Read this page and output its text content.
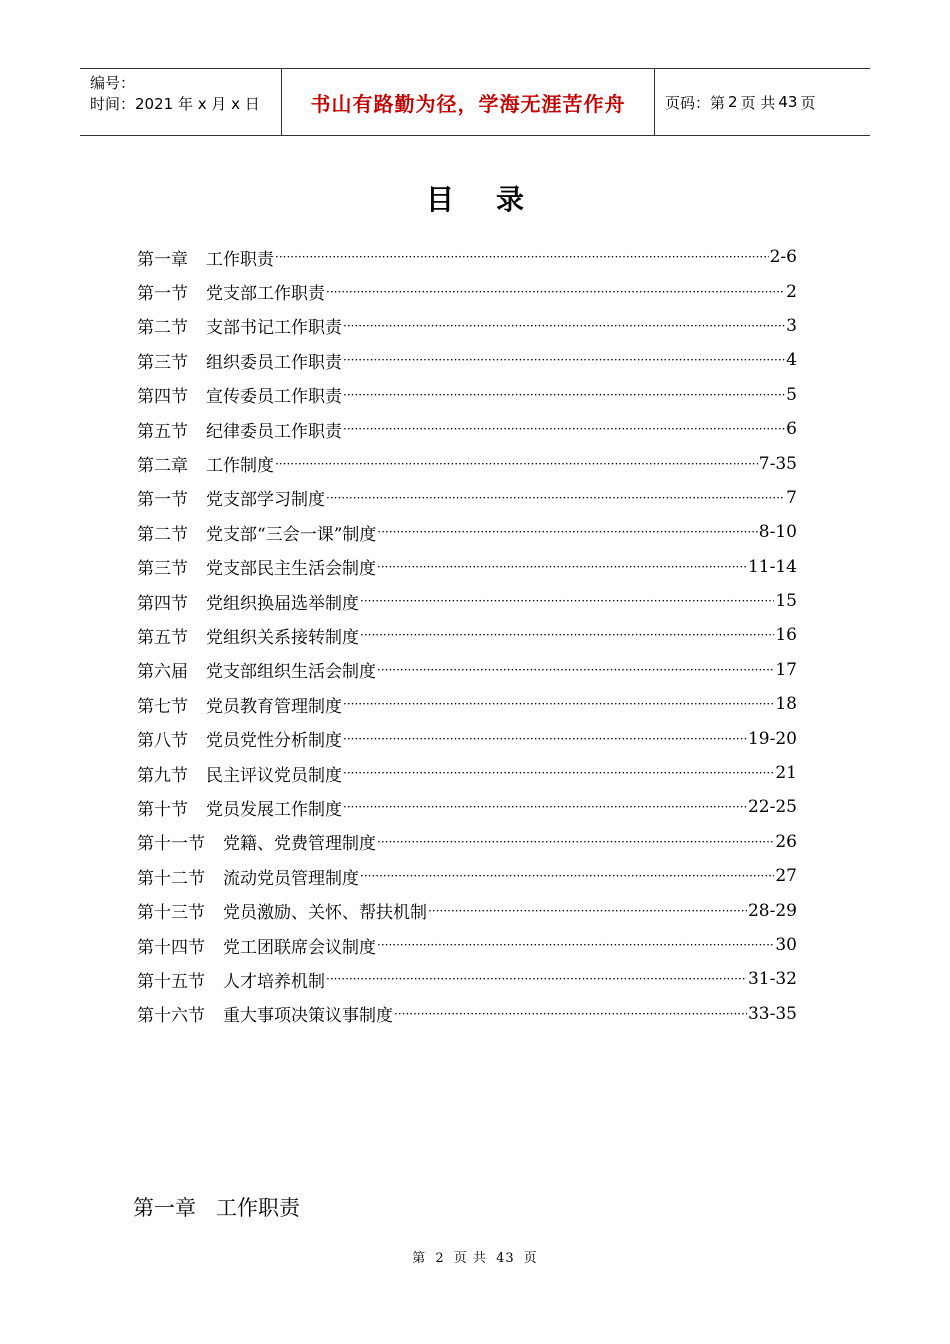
编号：
时间：2021 年 x 月 x 日	书山有路勤为径，学海无涯苦作舟	页码：第 2 页 共 43 页
目录
第一章 工作职责 ·····	2-6
第一节 党支部工作职责 ·····	2
第二节 支部书记工作职责 ·····	3
第三节 组织委员工作职责 ·····	4
第四节 宣传委员工作职责 ·····	5
第五节 纪律委员工作职责 ·····	6
第二章 工作制度 ·····	7-35
第一节 党支部学习制度 ·····	7
第二节 党支部“三会一课”制度 ·····	8-10
第三节 党支部民主生活会制度 ·····	11-14
第四节 党组织换届选举制度 ·····	15
第五节 党组织关系接转制度 ·····	16
第六届 党支部组织生活会制度 ·····	17
第七节 党员教育管理制度 ·····	18
第八节 党员党性分析制度 ·····	19-20
第九节 民主评议党员制度 ·····	21
第十节 党员发展工作制度 ·····	22-25
第十一节 党籍、党费管理制度 ·····	26
第十二节 流动党员管理制度 ·····	27
第十三节 党员激励、关怀、帮扶机制 ·····	28-29
第十四节 党工团联席会议制度 ·····	30
第十五节 人才培养机制 ·····	31-32
第十六节 重大事项决策议事制度 ·····	33-35
第一章 工作职责
第 2 页 共 43 页
